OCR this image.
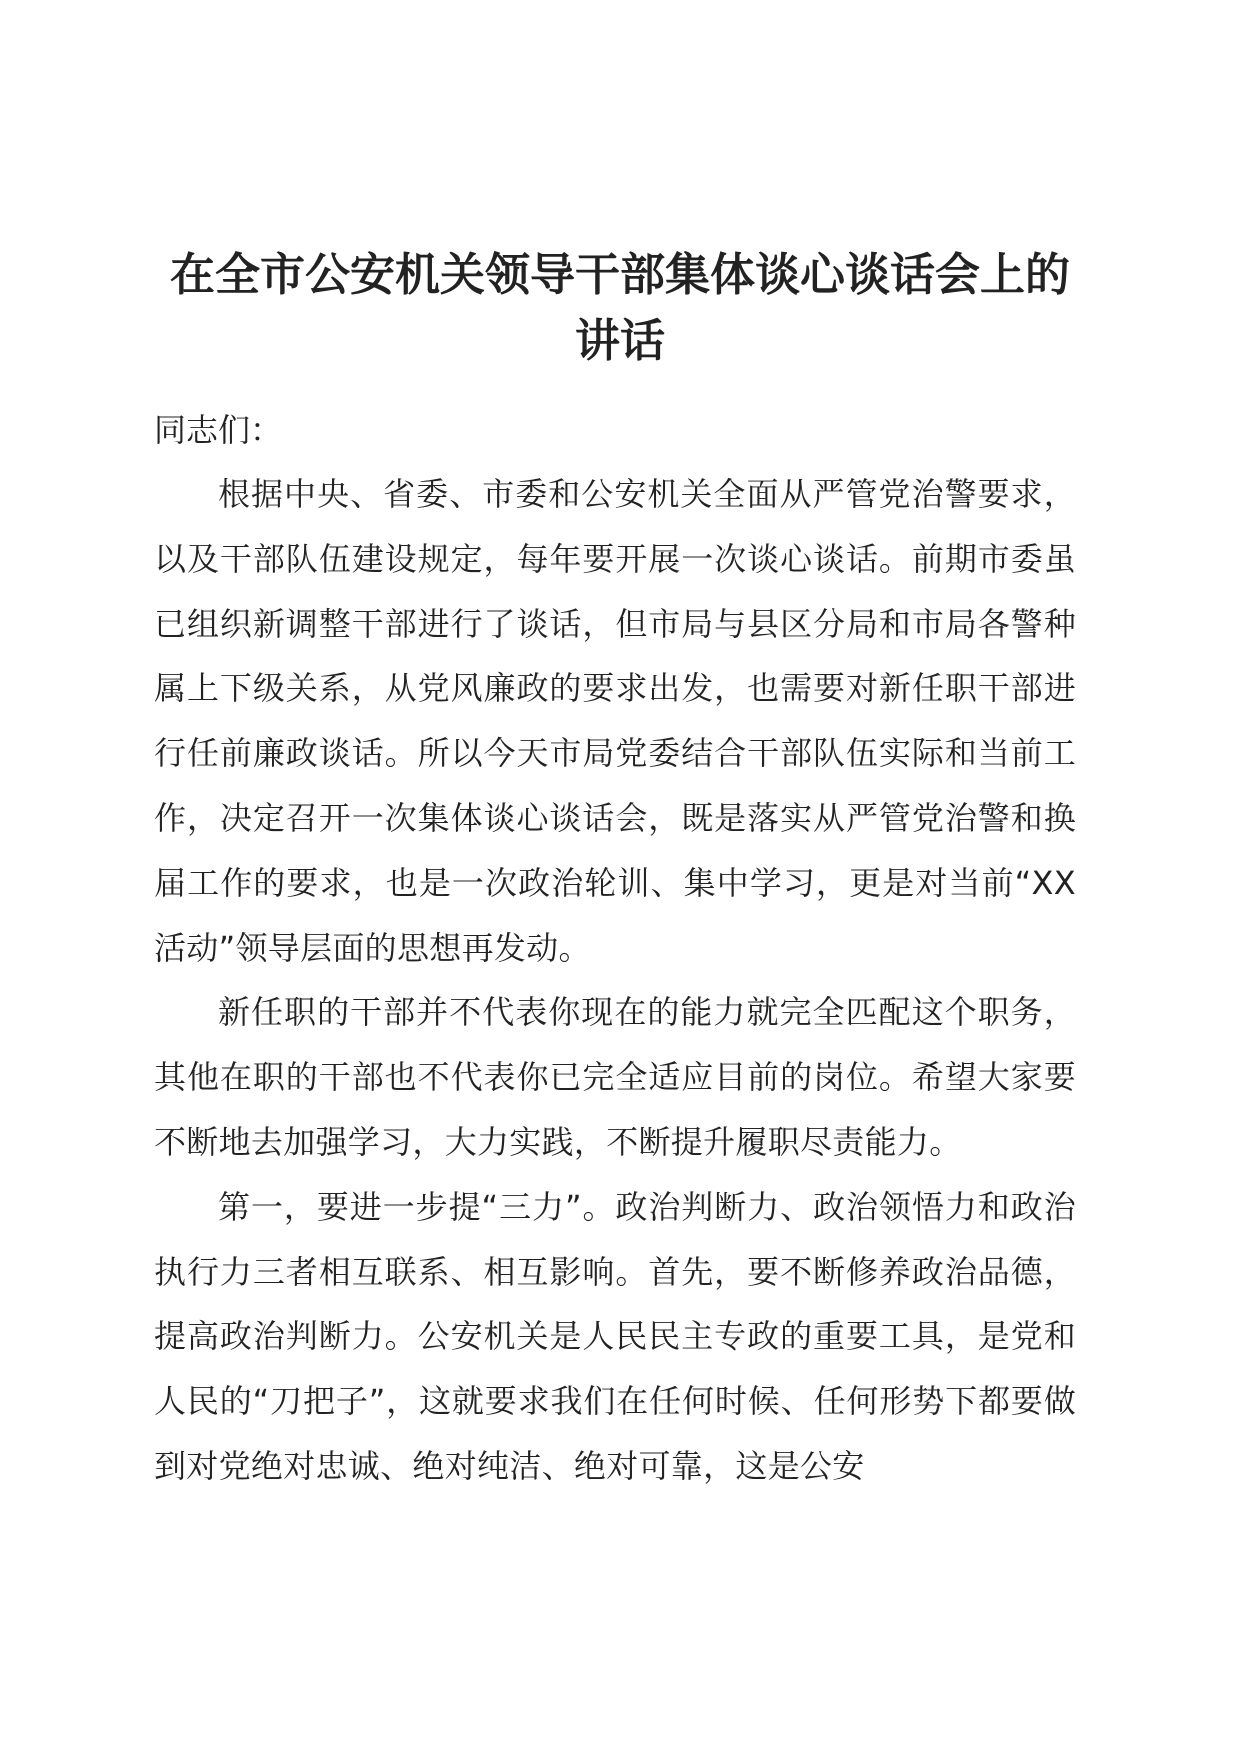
在全市公安机关领导干部集体谈心谈话会上的讲话

同志们：

根据中央、省委、市委和公安机关全面从严管党治警要求，以及干部队伍建设规定，每年要开展一次谈心谈话。前期市委虽已组织新调整干部进行了谈话，但市局与县区分局和市局各警种属上下级关系，从党风廉政的要求出发，也需要对新任职干部进行任前廉政谈话。所以今天市局党委结合干部队伍实际和当前工作，决定召开一次集体谈心谈话会，既是落实从严管党治警和换届工作的要求，也是一次政治轮训、集中学习，更是对当前“XX活动”领导层面的思想再发动。

新任职的干部并不代表你现在的能力就完全匹配这个职务，其他在职的干部也不代表你已完全适应目前的岗位。希望大家要不断地去加强学习，大力实践，不断提升履职尽责能力。

第一，要进一步提“三力”。政治判断力、政治领悟力和政治执行力三者相互联系、相互影响。首先，要不断修养政治品德，提高政治判断力。公安机关是人民民主专政的重要工具，是党和人民的“刀把子”，这就要求我们在任何时候、任何形势下都要做到对党绝对忠诚、绝对纯洁、绝对可靠，这是公安
